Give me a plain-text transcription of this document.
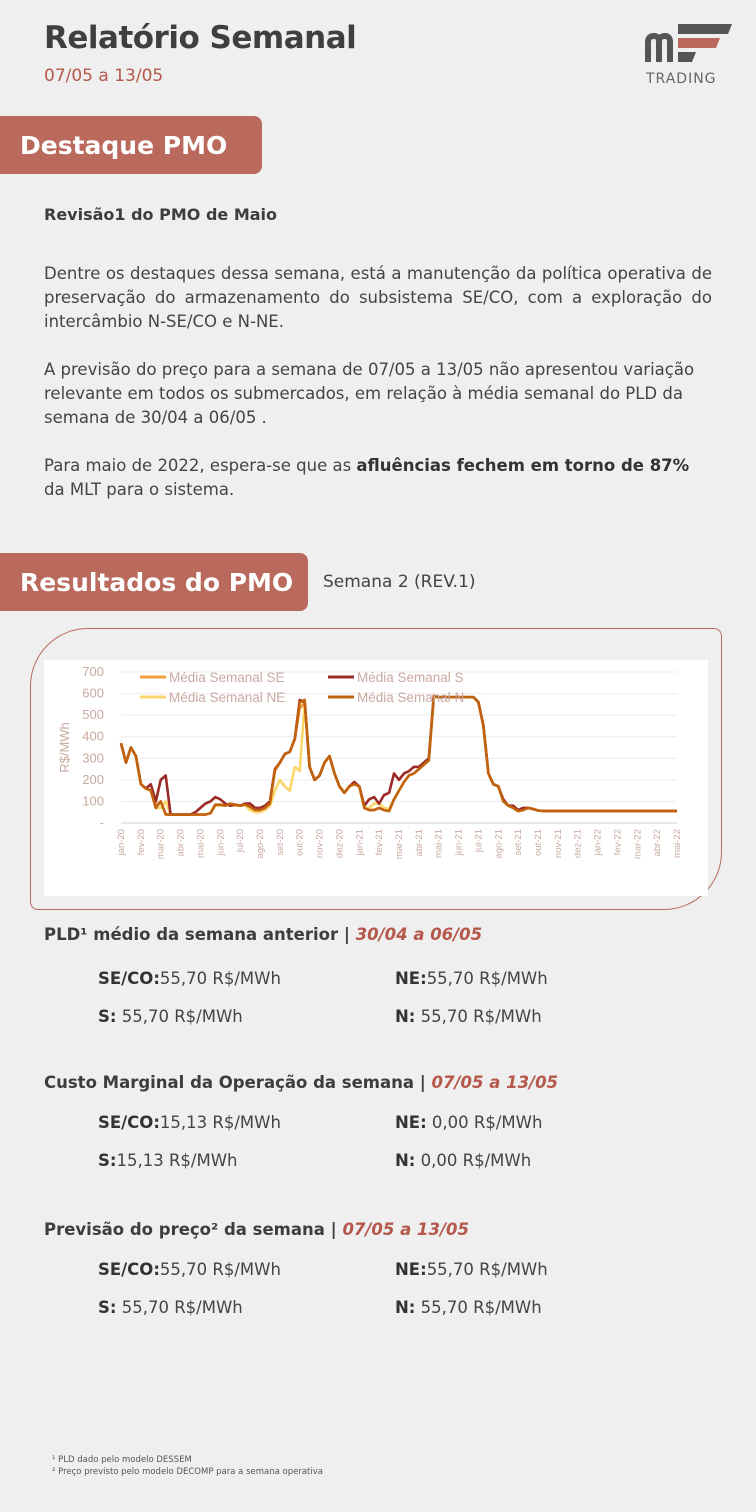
Relatório Semanal
07/05 a 13/05	TRADING
Destaque PMO
Revisão1 do PMO de Maio
Dentre os destaques dessa semana, está a manutenção da política operativa de preservação do armazenamento do subsistema SE/CO, com a exploração do intercâmbio N-SE/CO e N-NE.
A previsão do preço para a semana de 07/05 a 13/05 não apresentou variação relevante em todos os submercados, em relação à média semanal do PLD da semana de 30/04 a 06/05 .
Para maio de 2022, espera-se que as afluências fechem em torno de 87% da MLT para o sistema.
Resultados do PMO	Semana 2 (REV.1)
-
100
200
300
400
500
600
700
R$/MWh
jan-20 fev-20 mar-20 abr-20 mai-20 jun-20 jul-20 ago-20 set-20 out-20 nov-20 dez-20 jan-21 fev-21 mar-21 abr-21 mai-21 jun-21 jul-21 ago-21 set-21 out-21 nov-21 dez-21 jan-22 fev-22 mar-22 abr-22 mai-22
Média Semanal SE	Média Semanal S
Média Semanal NE	Média Semanal N
PLD¹ médio da semana anterior | 30/04 a 06/05
SE/CO:55,70 R$/MWh	NE:55,70 R$/MWh
S: 55,70 R$/MWh	N: 55,70 R$/MWh
Custo Marginal da Operação da semana | 07/05 a 13/05
SE/CO:15,13 R$/MWh	NE: 0,00 R$/MWh
S:15,13 R$/MWh	N: 0,00 R$/MWh
Previsão do preço² da semana | 07/05 a 13/05
SE/CO:55,70 R$/MWh	NE:55,70 R$/MWh
S: 55,70 R$/MWh	N: 55,70 R$/MWh
¹ PLD dado pelo modelo DESSEM
² Preço previsto pelo modelo DECOMP para a semana operativa
